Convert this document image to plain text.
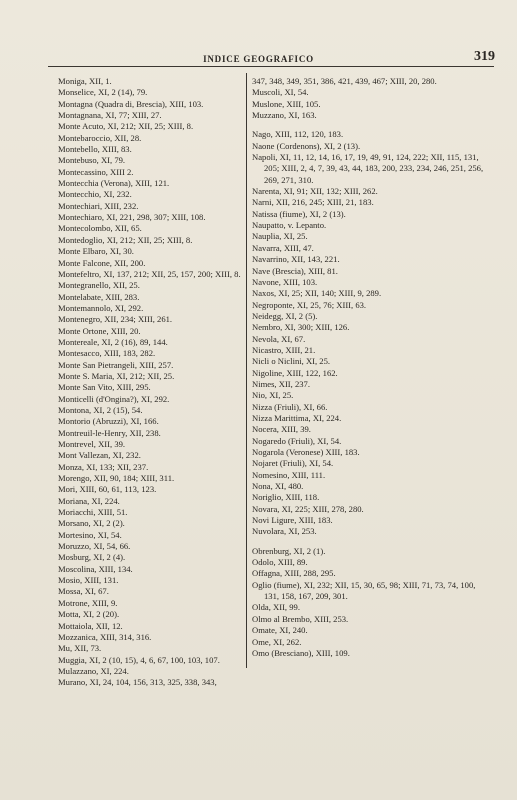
INDICE GEOGRAFICO	319
Moniga, XII, 1.
Monselice, XI, 2 (14), 79.
Montagna (Quadra di, Brescia), XIII, 103.
Montagnana, XI, 77; XIII, 27.
Monte Acuto, XI, 212; XII, 25; XIII, 8.
Montebaroccio, XII, 28.
Montebello, XIII, 83.
Montebuso, XI, 79.
Montecassino, XIII 2.
Montecchia (Verona), XIII, 121.
Montecchio, XI, 232.
Montechiari, XIII, 232.
Montechiaro, XI, 221, 298, 307; XIII, 108.
Montecolombo, XII, 65.
Montedoglio, XI, 212; XII, 25; XIII, 8.
Monte Elbaro, XI, 30.
Monte Falcone, XII, 200.
Montefeltro, XI, 137, 212; XII, 25, 157, 200; XIII, 8.
Montegranello, XII, 25.
Montelabate, XIII, 283.
Montemannolo, XI, 292.
Montenegro, XII, 234; XIII, 261.
Monte Ortone, XIII, 20.
Montereale, XI, 2 (16), 89, 144.
Montesacco, XIII, 183, 282.
Monte San Pietrangeli, XIII, 257.
Monte S. Maria, XI, 212; XII, 25.
Monte San Vito, XIII, 295.
Monticelli (d'Ongina?), XI, 292.
Montona, XI, 2 (15), 54.
Montorio (Abruzzi), XI, 166.
Montreuil-le-Henry, XII, 238.
Montrevel, XII, 39.
Mont Vallezan, XI, 232.
Monza, XI, 133; XII, 237.
Morengo, XII, 90, 184; XIII, 311.
Mori, XIII, 60, 61, 113, 123.
Moriana, XI, 224.
Moriacchi, XIII, 51.
Morsano, XI, 2 (2).
Mortesino, XI, 54.
Moruzzo, XI, 54, 66.
Mosburg, XI, 2 (4).
Moscolina, XIII, 134.
Mosio, XIII, 131.
Mossa, XI, 67.
Motrone, XIII, 9.
Motta, XI, 2 (20).
Mottaiola, XII, 12.
Mozzanica, XIII, 314, 316.
Mu, XII, 73.
Muggia, XI, 2 (10, 15), 4, 6, 67, 100, 103, 107.
Mulazzano, XI, 224.
Murano, XI, 24, 104, 156, 313, 325, 338, 343,
347, 348, 349, 351, 386, 421, 439, 467; XIII, 20, 280.
Muscoli, XI, 54.
Muslone, XIII, 105.
Muzzano, XI, 163.
Nago, XIII, 112, 120, 183.
Naone (Cordenons), XI, 2 (13).
Napoli, XI, 11, 12, 14, 16, 17, 19, 49, 91, 124, 222; XII, 115, 131, 205; XIII, 2, 4, 7, 39, 43, 44, 183, 200, 233, 234, 246, 251, 256, 269, 271, 310.
Narenta, XI, 91; XII, 132; XIII, 262.
Narni, XII, 216, 245; XIII, 21, 183.
Natissa (fiume), XI, 2 (13).
Naupatto, v. Lepanto.
Nauplia, XI, 25.
Navarra, XIII, 47.
Navarrino, XII, 143, 221.
Nave (Brescia), XIII, 81.
Navone, XIII, 103.
Naxos, XI, 25; XII, 140; XIII, 9, 289.
Negroponte, XI, 25, 76; XIII, 63.
Neidegg, XI, 2 (5).
Nembro, XI, 300; XIII, 126.
Nevola, XI, 67.
Nicastro, XIII, 21.
Nicli o Niclini, XI, 25.
Nigoline, XIII, 122, 162.
Nimes, XII, 237.
Nio, XI, 25.
Nizza (Friuli), XI, 66.
Nizza Marittima, XI, 224.
Nocera, XIII, 39.
Nogaredo (Friuli), XI, 54.
Nogarola (Veronese) XIII, 183.
Nojaret (Friuli), XI, 54.
Nomesino, XIII, 111.
Nona, XI, 480.
Noriglio, XIII, 118.
Novara, XI, 225; XIII, 278, 280.
Novi Ligure, XIII, 183.
Nuvolara, XI, 253.
Obrenburg, XI, 2 (1).
Odolo, XIII, 89.
Offagna, XIII, 288, 295.
Oglio (fiume), XI, 232; XII, 15, 30, 65, 98; XIII, 71, 73, 74, 100, 131, 158, 167, 209, 301.
Olda, XII, 99.
Olmo al Brembo, XIII, 253.
Omate, XI, 240.
Ome, XI, 262.
Omo (Bresciano), XIII, 109.
